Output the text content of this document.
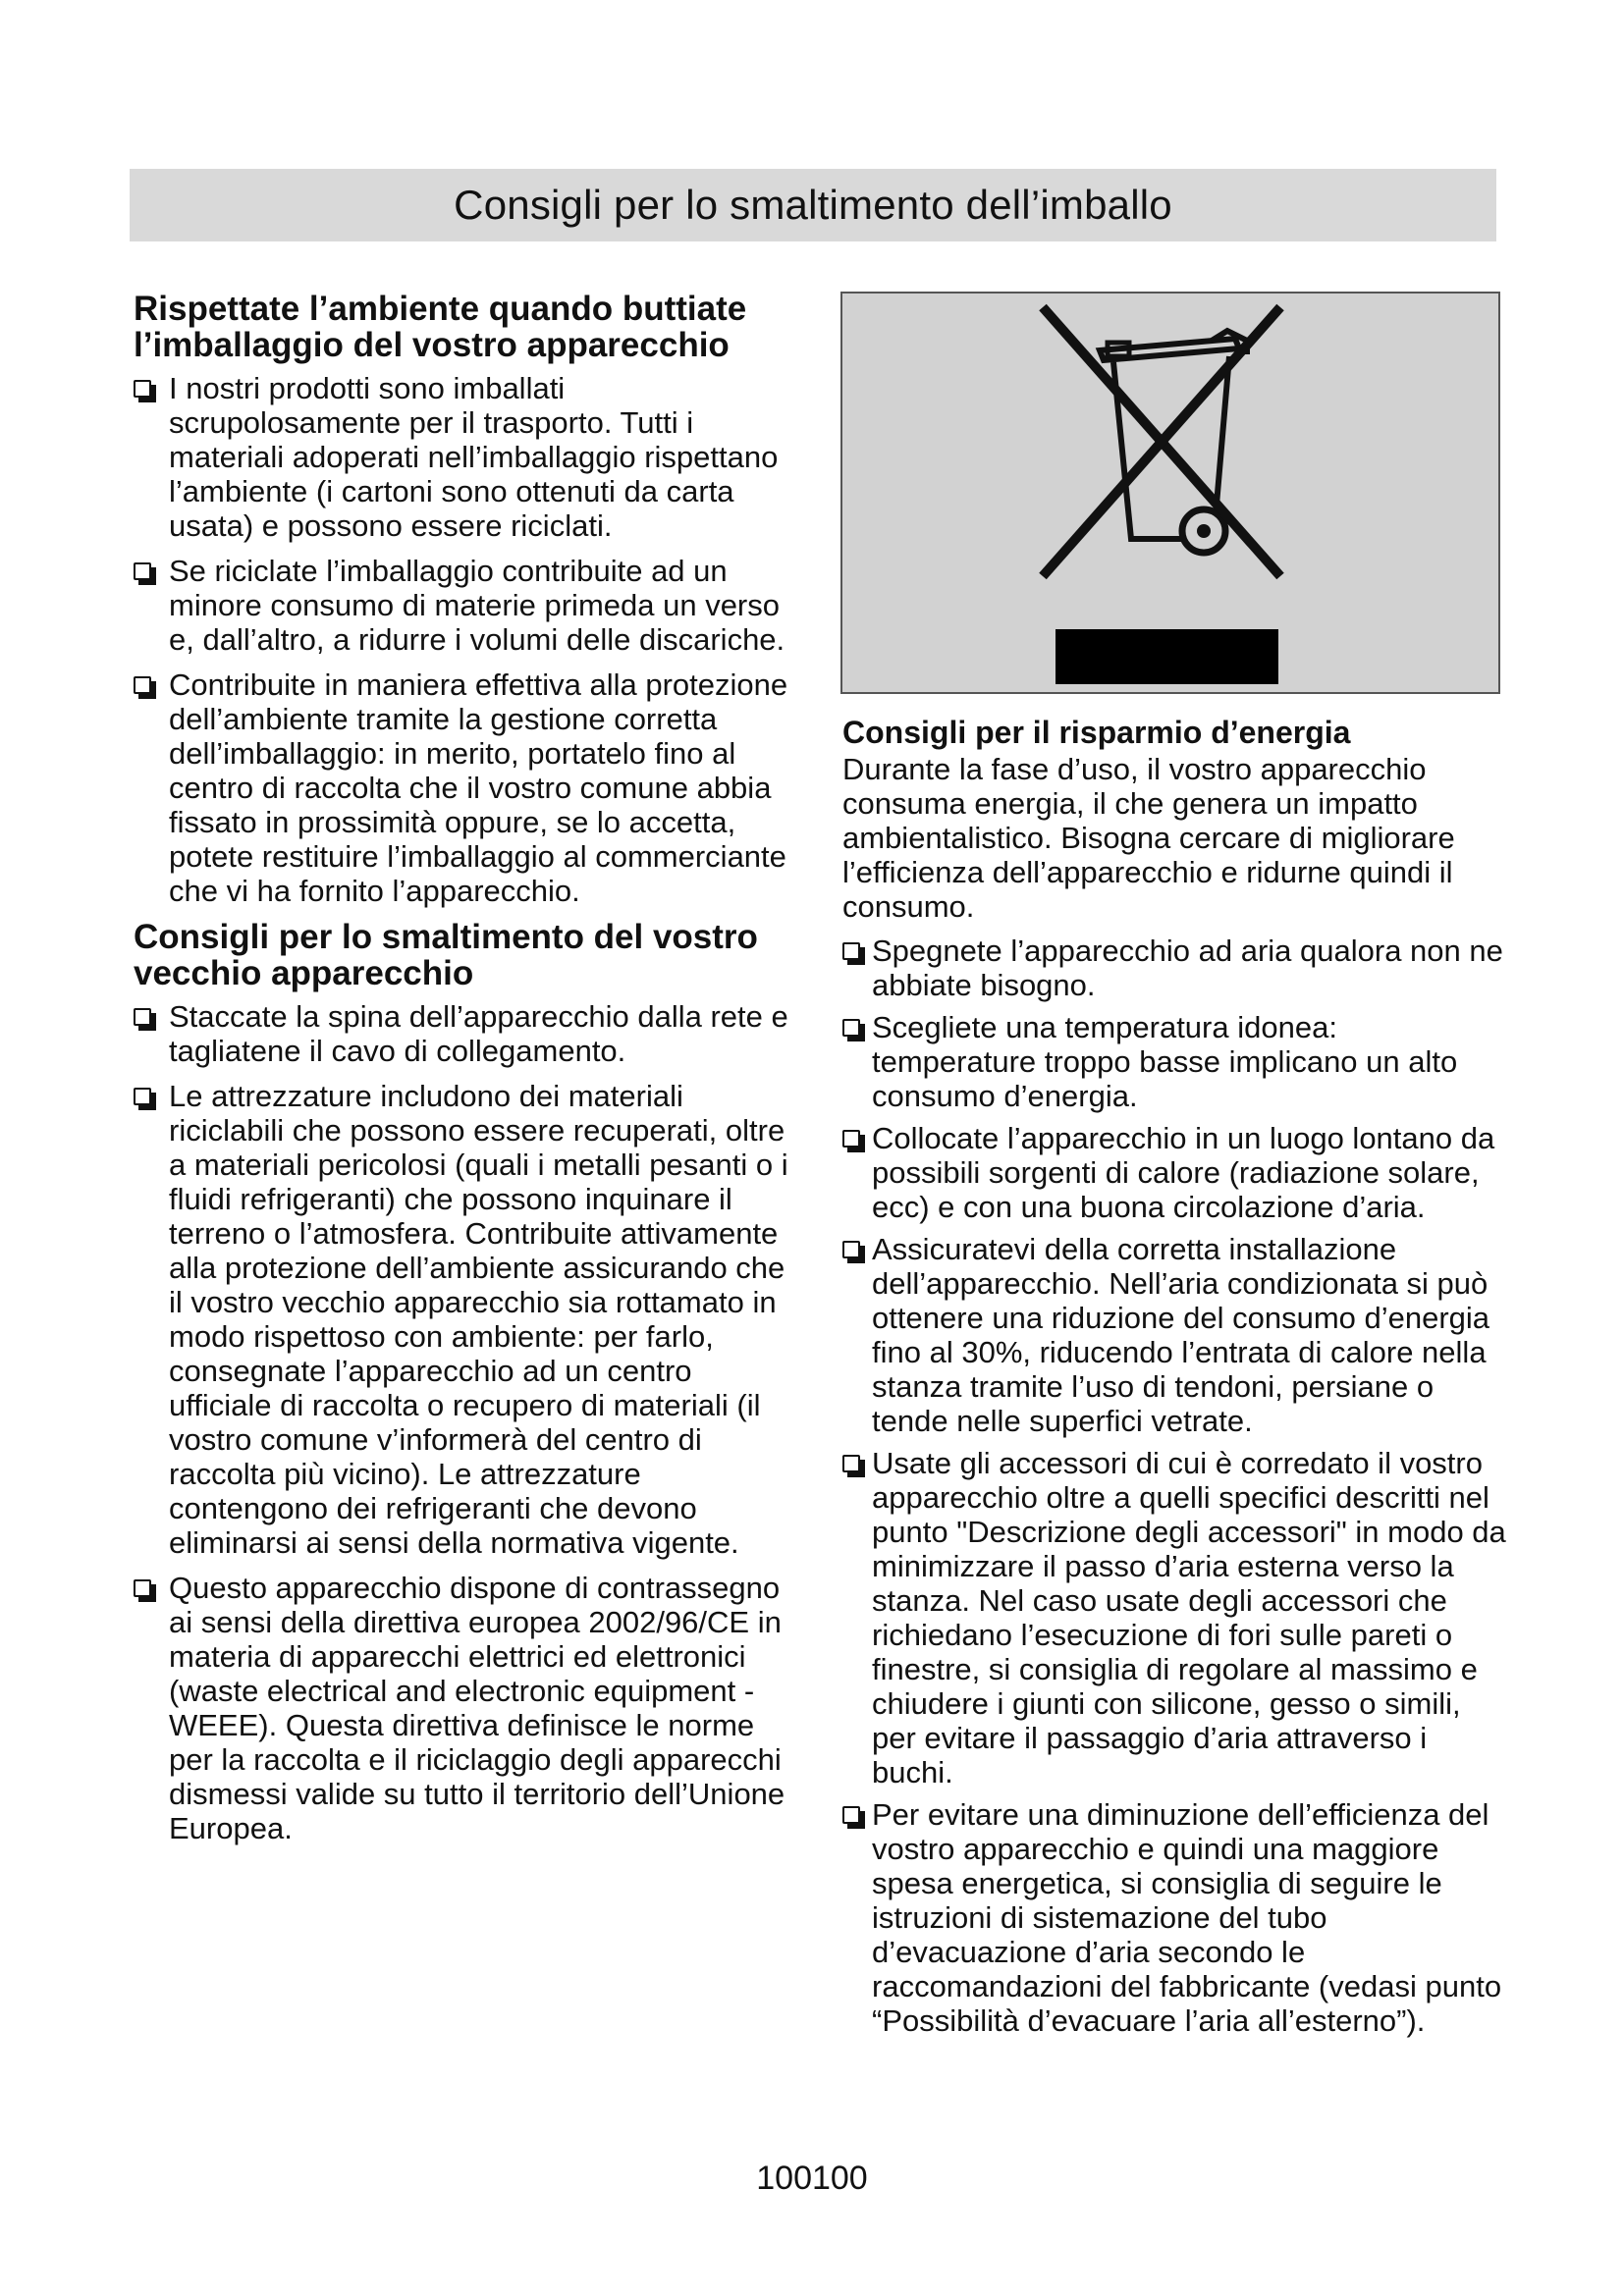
Consigli per lo smaltimento dell’imballo
Rispettate l’ambiente quando buttiate l’imballaggio del vostro apparecchio
I nostri prodotti sono imballati scrupolosamente per il trasporto. Tutti i materiali adoperati nell’imballaggio rispettano l’ambiente (i cartoni sono ottenuti da carta usata) e possono essere riciclati.
Se riciclate l’imballaggio contribuite ad un minore consumo di materie primeda un verso e, dall’altro, a ridurre i volumi delle discariche.
Contribuite in maniera effettiva alla protezione dell’ambiente tramite la gestione corretta dell’imballaggio: in merito, portatelo fino al centro di raccolta che il vostro comune abbia fissato in prossimità oppure, se lo accetta, potete restituire l’imballaggio al commerciante che vi ha fornito l’apparecchio.
Consigli per lo smaltimento del vostro vecchio apparecchio
Staccate la spina dell’apparecchio dalla rete e tagliatene il cavo di collegamento.
Le attrezzature includono dei materiali riciclabili che possono essere recuperati, oltre a materiali pericolosi (quali i metalli pesanti o i fluidi refrigeranti) che possono inquinare il terreno o l’atmosfera. Contribuite attivamente alla protezione dell’ambiente assicurando che il vostro vecchio apparecchio sia rottamato in modo rispettoso con ambiente: per farlo, consegnate l’apparecchio ad un centro ufficiale di raccolta o recupero di materiali (il vostro comune v’informerà del centro di raccolta più vicino). Le attrezzature contengono dei refrigeranti che devono eliminarsi ai sensi della normativa vigente.
Questo apparecchio dispone di contrassegno ai sensi della direttiva europea 2002/96/CE in materia di apparecchi elettrici ed elettronici (waste electrical and electronic equipment - WEEE). Questa direttiva definisce le norme per la raccolta e il riciclaggio degli apparecchi dismessi valide su tutto il territorio dell’Unione Europea.
Consigli per il risparmio d’energia

Durante la fase d’uso, il vostro apparecchio consuma energia, il che genera un impatto ambientalistico. Bisogna cercare di migliorare l’efficienza dell’apparecchio e ridurne quindi il consumo.

Spegnete l’apparecchio ad aria qualora non ne abbiate bisogno.
Scegliete una temperatura idonea: temperature troppo basse implicano un alto consumo d’energia.
Collocate l’apparecchio in un luogo lontano da possibili sorgenti di calore (radiazione solare, ecc) e con una buona circolazione d’aria.
Assicuratevi della corretta installazione dell’apparecchio. Nell’aria condizionata si può ottenere una riduzione del consumo d’energia fino al 30%, riducendo l’entrata di calore nella stanza tramite l’uso di tendoni, persiane o tende nelle superfici vetrate.
Usate gli accessori di cui è corredato il vostro apparecchio oltre a quelli specifici descritti nel punto "Descrizione degli accessori" in modo da minimizzare il passo d’aria esterna verso la stanza. Nel caso usate degli accessori che richiedano l’esecuzione di fori sulle pareti o finestre, si consiglia di regolare al massimo e chiudere i giunti con silicone, gesso o simili, per evitare il passaggio d’aria attraverso i buchi.
Per evitare una diminuzione dell’efficienza del vostro apparecchio e quindi una maggiore spesa energetica, si consiglia di seguire le istruzioni di sistemazione del tubo d’evacuazione d’aria secondo le raccomandazioni del fabbricante (vedasi punto “Possibilità d’evacuare l’aria all’esterno”).
100100
